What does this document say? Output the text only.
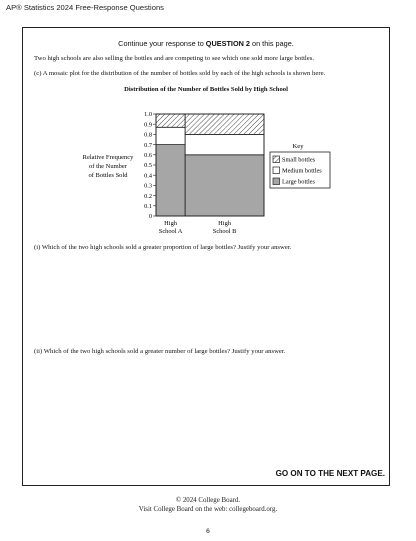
AP® Statistics 2024 Free-Response Questions
Continue your response to QUESTION 2 on this page.
Two high schools are also selling the bottles and are competing to see which one sold more large bottles.
(c) A mosaic plot for the distribution of the number of bottles sold by each of the high schools is shown here.
Distribution of the Number of Bottles Sold by High School
Relative Frequency
of the Number
of Bottles Sold
0
0.1
0.2
0.3
0.4
0.5
0.6
0.7
0.8
0.9
1.0
High
School A
High
School B
Key
Small bottles
Medium bottles
Large bottles
(i) Which of the two high schools sold a greater proportion of large bottles? Justify your answer.
(ii) Which of the two high schools sold a greater number of large bottles? Justify your answer.
GO ON TO THE NEXT PAGE.
© 2024 College Board.
Visit College Board on the web: collegeboard.org.
6
